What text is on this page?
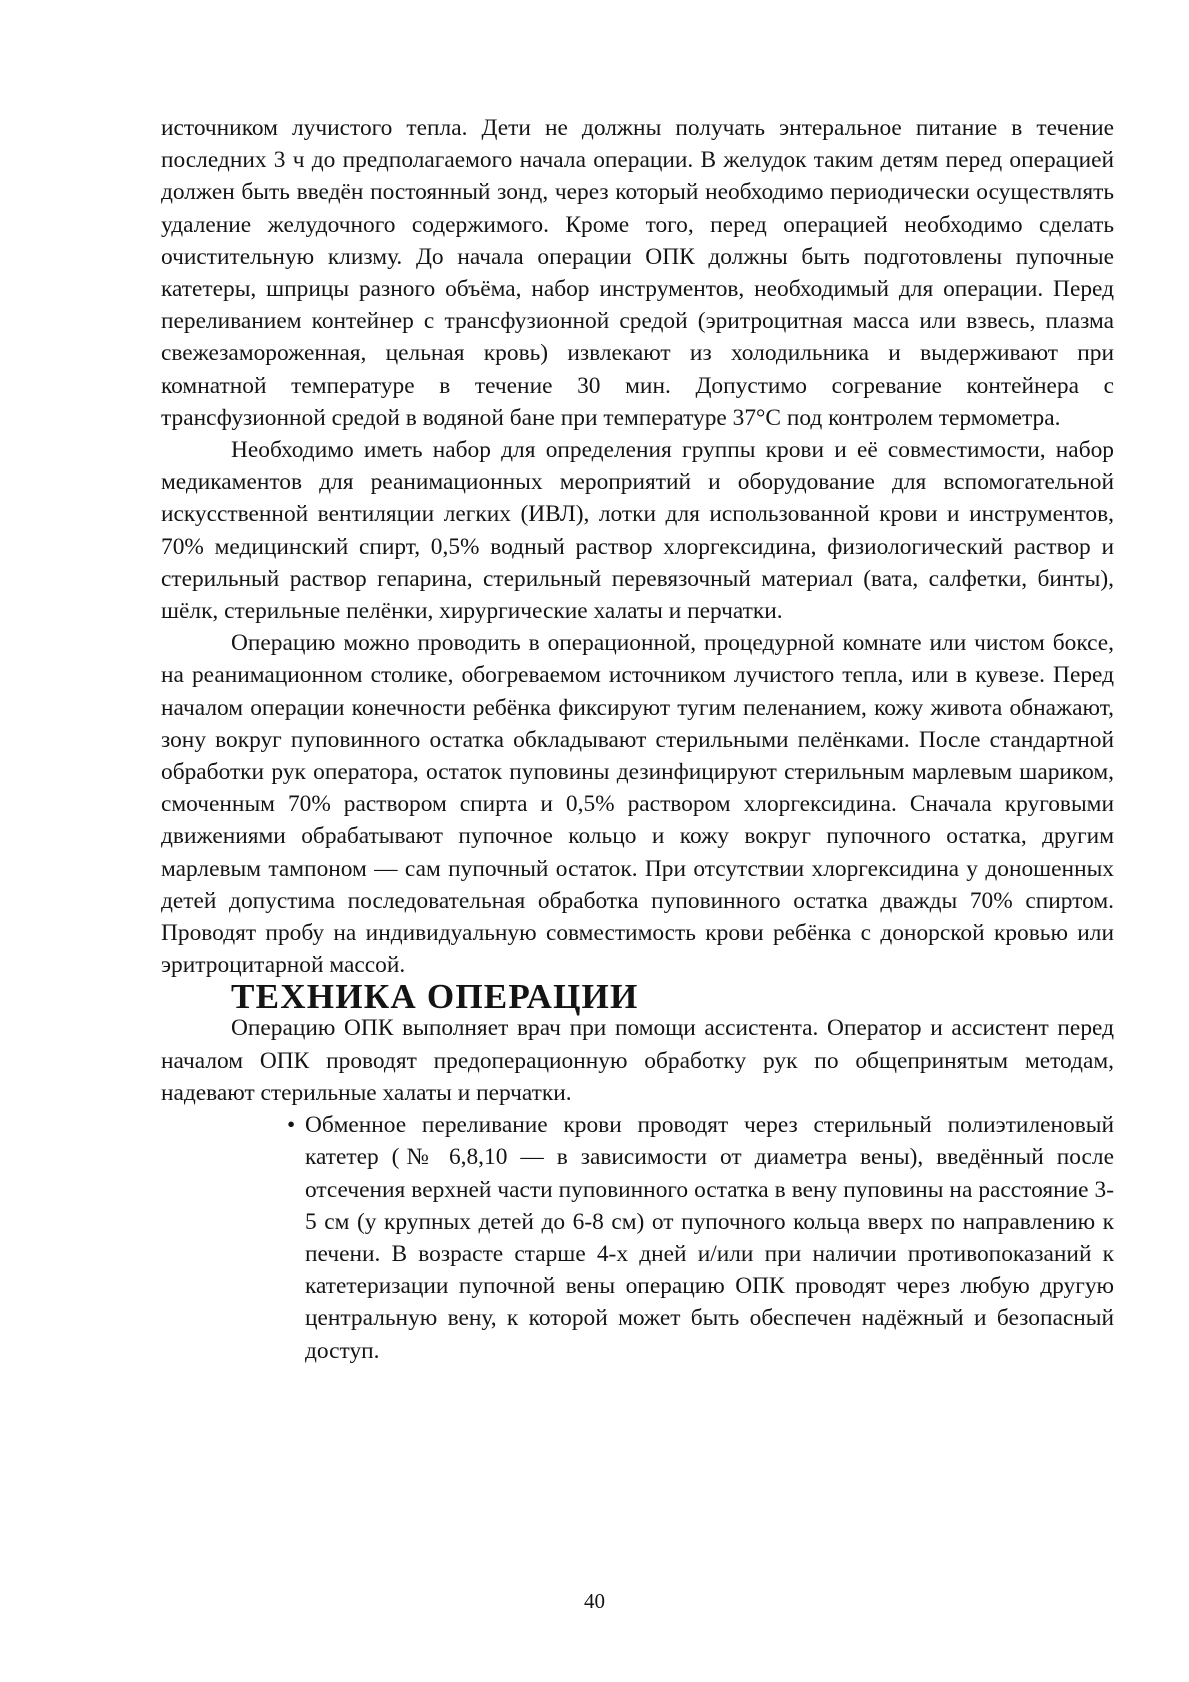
источником лучистого тепла. Дети не должны получать энтеральное питание в течение последних 3 ч до предполагаемого начала операции. В желудок таким детям перед операцией должен быть введён постоянный зонд, через который необходимо периодически осуществлять удаление желудочного содержимого. Кроме того, перед операцией необходимо сделать очистительную клизму. До начала операции ОПК должны быть подготовлены пупочные катетеры, шприцы разного объёма, набор инструментов, необходимый для операции. Перед переливанием контейнер с трансфузионной средой (эритроцитная масса или взвесь, плазма свежезамороженная, цельная кровь) извлекают из холодильника и выдерживают при комнатной температуре в течение 30 мин. Допустимо согревание контейнера с трансфузионной средой в водяной бане при температуре 37°С под контролем термометра.

Необходимо иметь набор для определения группы крови и её совместимости, набор медикаментов для реанимационных мероприятий и оборудование для вспомогательной искусственной вентиляции легких (ИВЛ), лотки для использованной крови и инструментов, 70% медицинский спирт, 0,5% водный раствор хлоргексидина, физиологический раствор и стерильный раствор гепарина, стерильный перевязочный материал (вата, салфетки, бинты), шёлк, стерильные пелёнки, хирургические халаты и перчатки.

Операцию можно проводить в операционной, процедурной комнате или чистом боксе, на реанимационном столике, обогреваемом источником лучистого тепла, или в кувезе. Перед началом операции конечности ребёнка фиксируют тугим пеленанием, кожу живота обнажают, зону вокруг пуповинного остатка обкладывают стерильными пелёнками. После стандартной обработки рук оператора, остаток пуповины дезинфицируют стерильным марлевым шариком, смоченным 70% раствором спирта и 0,5% раствором хлоргексидина. Сначала круговыми движениями обрабатывают пупочное кольцо и кожу вокруг пупочного остатка, другим марлевым тампоном — сам пупочный остаток. При отсутствии хлоргексидина у доношенных детей допустима последовательная обработка пуповинного остатка дважды 70% спиртом. Проводят пробу на индивидуальную совместимость крови ребёнка с донорской кровью или эритроцитарной массой.

ТЕХНИКА ОПЕРАЦИИ

Операцию ОПК выполняет врач при помощи ассистента. Оператор и ассистент перед началом ОПК проводят предоперационную обработку рук по общепринятым методам, надевают стерильные халаты и перчатки.

• Обменное переливание крови проводят через стерильный полиэтиленовый катетер (№ 6,8,10 — в зависимости от диаметра вены), введённый после отсечения верхней части пуповинного остатка в вену пуповины на расстояние 3-5 см (у крупных детей до 6-8 см) от пупочного кольца вверх по направлению к печени. В возрасте старше 4-х дней и/или при наличии противопоказаний к катетеризации пупочной вены операцию ОПК проводят через любую другую центральную вену, к которой может быть обеспечен надёжный и безопасный доступ.
40
